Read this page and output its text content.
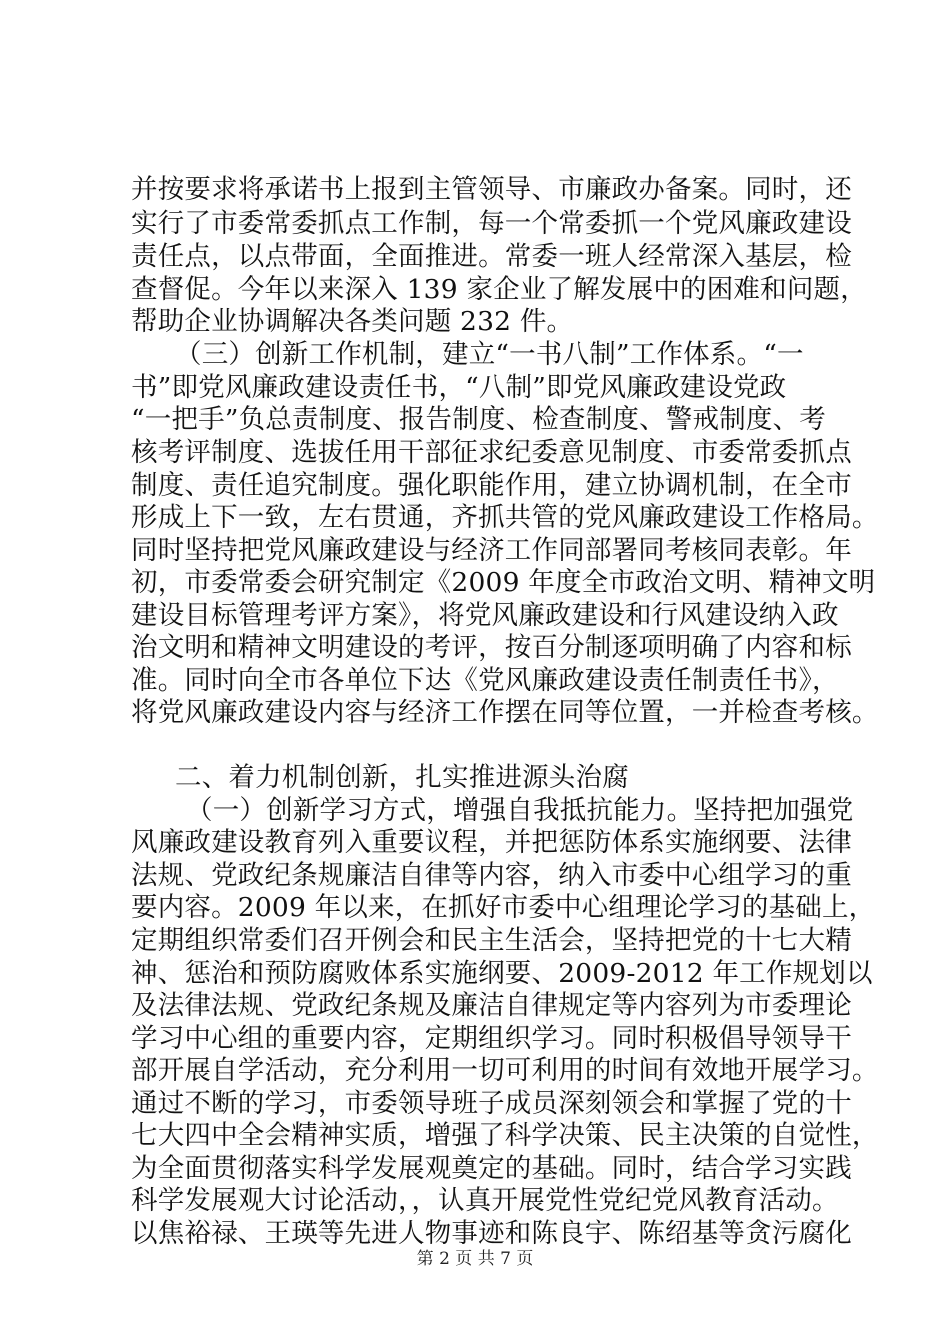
并按要求将承诺书上报到主管领导、市廉政办备案。同时，还
实行了市委常委抓点工作制，每一个常委抓一个党风廉政建设
责任点，以点带面，全面推进。常委一班人经常深入基层，检
查督促。今年以来深入 139 家企业了解发展中的困难和问题，
帮助企业协调解决各类问题 232 件。
（三）创新工作机制，建立“一书八制”工作体系。“一
书”即党风廉政建设责任书，“八制”即党风廉政建设党政
“一把手”负总责制度、报告制度、检查制度、警戒制度、考
核考评制度、选拔任用干部征求纪委意见制度、市委常委抓点
制度、责任追究制度。强化职能作用，建立协调机制，在全市
形成上下一致，左右贯通，齐抓共管的党风廉政建设工作格局。
同时坚持把党风廉政建设与经济工作同部署同考核同表彰。年
初，市委常委会研究制定《2009 年度全市政治文明、精神文明
建设目标管理考评方案》，将党风廉政建设和行风建设纳入政
治文明和精神文明建设的考评，按百分制逐项明确了内容和标
准。同时向全市各单位下达《党风廉政建设责任制责任书》，
将党风廉政建设内容与经济工作摆在同等位置，一并检查考核。
二、着力机制创新，扎实推进源头治腐
（一）创新学习方式，增强自我抵抗能力。坚持把加强党
风廉政建设教育列入重要议程，并把惩防体系实施纲要、法律
法规、党政纪条规廉洁自律等内容，纳入市委中心组学习的重
要内容。2009 年以来，在抓好市委中心组理论学习的基础上，
定期组织常委们召开例会和民主生活会，坚持把党的十七大精
神、惩治和预防腐败体系实施纲要、2009-2012 年工作规划以
及法律法规、党政纪条规及廉洁自律规定等内容列为市委理论
学习中心组的重要内容，定期组织学习。同时积极倡导领导干
部开展自学活动，充分利用一切可利用的时间有效地开展学习。
通过不断的学习，市委领导班子成员深刻领会和掌握了党的十
七大四中全会精神实质，增强了科学决策、民主决策的自觉性，
为全面贯彻落实科学发展观奠定的基础。同时，结合学习实践
科学发展观大讨论活动，，认真开展党性党纪党风教育活动。
以焦裕禄、王瑛等先进人物事迹和陈良宇、陈绍基等贪污腐化
第 2 页 共 7 页
